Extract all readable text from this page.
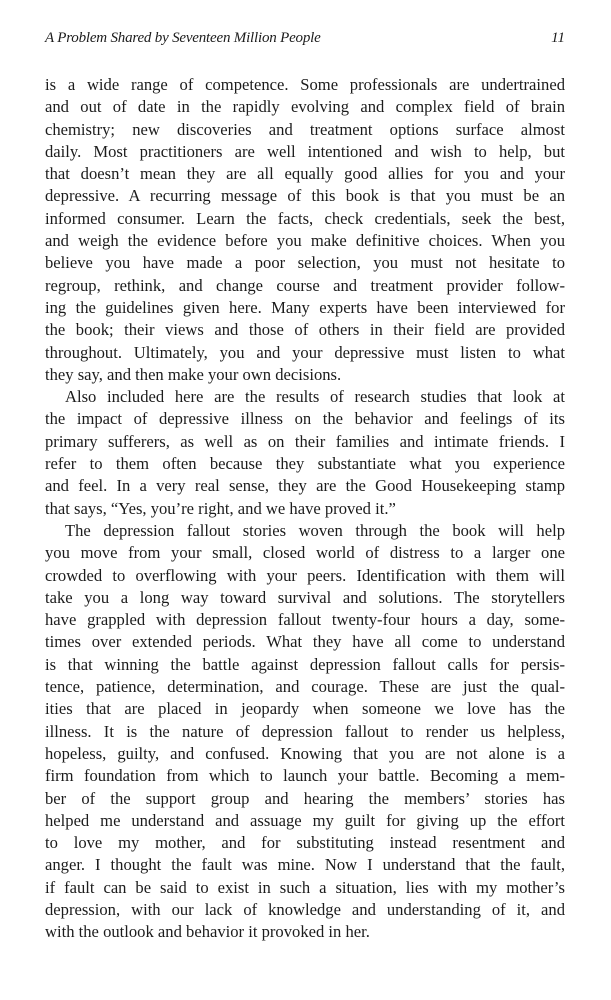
A Problem Shared by Seventeen Million People	11
is a wide range of competence. Some professionals are undertrained
and out of date in the rapidly evolving and complex field of brain
chemistry; new discoveries and treatment options surface almost
daily. Most practitioners are well intentioned and wish to help, but
that doesn’t mean they are all equally good allies for you and your
depressive. A recurring message of this book is that you must be an
informed consumer. Learn the facts, check credentials, seek the best,
and weigh the evidence before you make definitive choices. When you
believe you have made a poor selection, you must not hesitate to
regroup, rethink, and change course and treatment provider follow-
ing the guidelines given here. Many experts have been interviewed for
the book; their views and those of others in their field are provided
throughout. Ultimately, you and your depressive must listen to what
they say, and then make your own decisions.
Also included here are the results of research studies that look at
the impact of depressive illness on the behavior and feelings of its
primary sufferers, as well as on their families and intimate friends. I
refer to them often because they substantiate what you experience
and feel. In a very real sense, they are the Good Housekeeping stamp
that says, “Yes, you’re right, and we have proved it.”
The depression fallout stories woven through the book will help
you move from your small, closed world of distress to a larger one
crowded to overflowing with your peers. Identification with them will
take you a long way toward survival and solutions. The storytellers
have grappled with depression fallout twenty-four hours a day, some-
times over extended periods. What they have all come to understand
is that winning the battle against depression fallout calls for persis-
tence, patience, determination, and courage. These are just the qual-
ities that are placed in jeopardy when someone we love has the
illness. It is the nature of depression fallout to render us helpless,
hopeless, guilty, and confused. Knowing that you are not alone is a
firm foundation from which to launch your battle. Becoming a mem-
ber of the support group and hearing the members’ stories has
helped me understand and assuage my guilt for giving up the effort
to love my mother, and for substituting instead resentment and
anger. I thought the fault was mine. Now I understand that the fault,
if fault can be said to exist in such a situation, lies with my mother’s
depression, with our lack of knowledge and understanding of it, and
with the outlook and behavior it provoked in her.
